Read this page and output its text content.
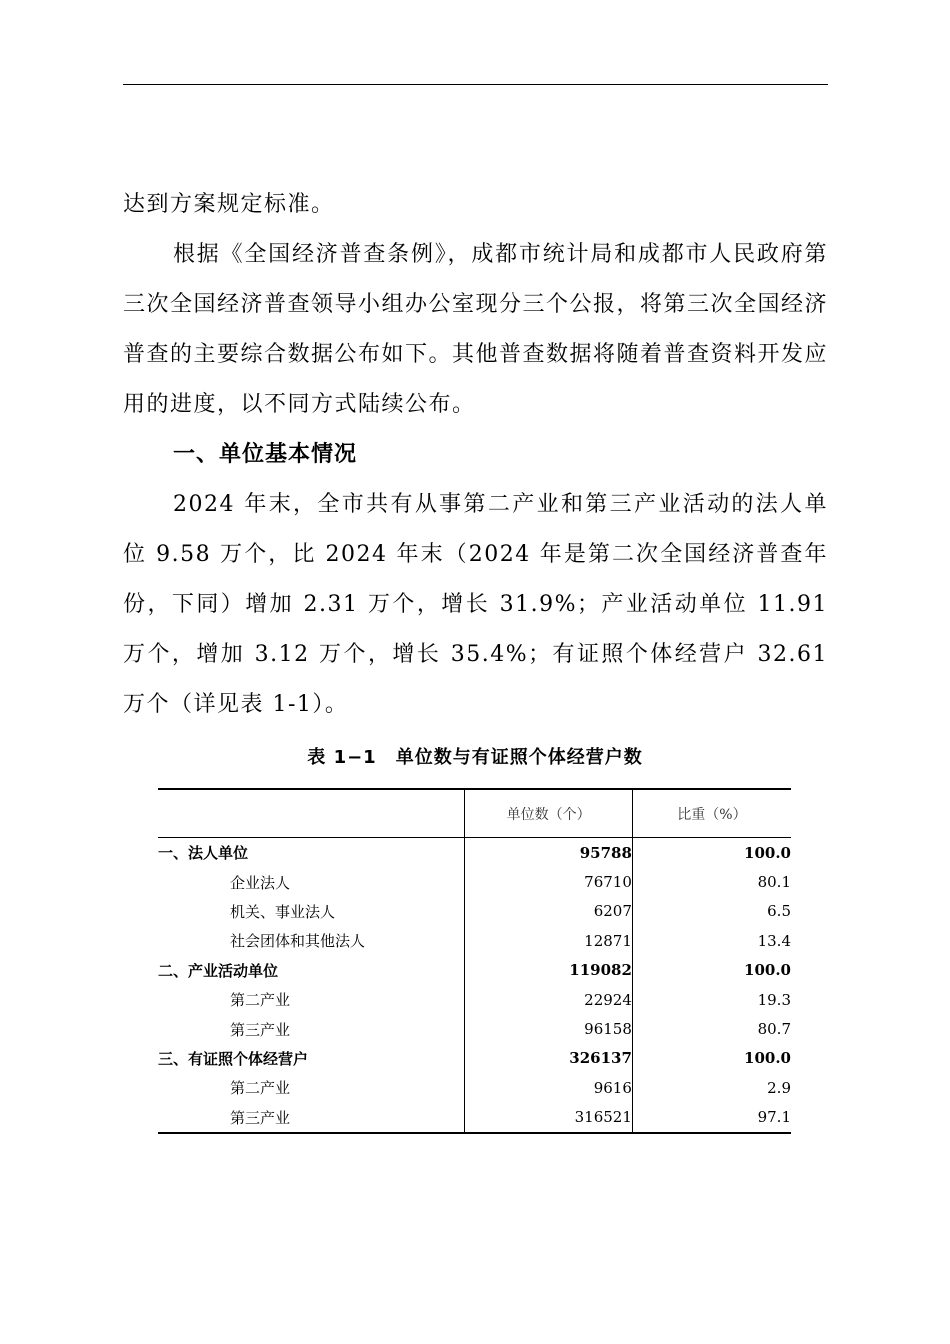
达到方案规定标准。

根据《全国经济普查条例》，成都市统计局和成都市人民政府第三次全国经济普查领导小组办公室现分三个公报，将第三次全国经济普查的主要综合数据公布如下。其他普查数据将随着普查资料开发应用的进度，以不同方式陆续公布。

一、单位基本情况

2024 年末，全市共有从事第二产业和第三产业活动的法人单位 9.58 万个，比 2024 年末（2024 年是第二次全国经济普查年份，下同）增加 2.31 万个，增长 31.9%；产业活动单位 11.91 万个，增加 3.12 万个，增长 35.4%；有证照个体经营户 32.61 万个（详见表 1-1）。

表 1−1　单位数与有证照个体经营户数
	单位数（个）	比重（%）
一、法人单位	95788	100.0
企业法人	76710	80.1
机关、事业法人	6207	6.5
社会团体和其他法人	12871	13.4
二、产业活动单位	119082	100.0
第二产业	22924	19.3
第三产业	96158	80.7
三、有证照个体经营户	326137	100.0
第二产业	9616	2.9
第三产业	316521	97.1
